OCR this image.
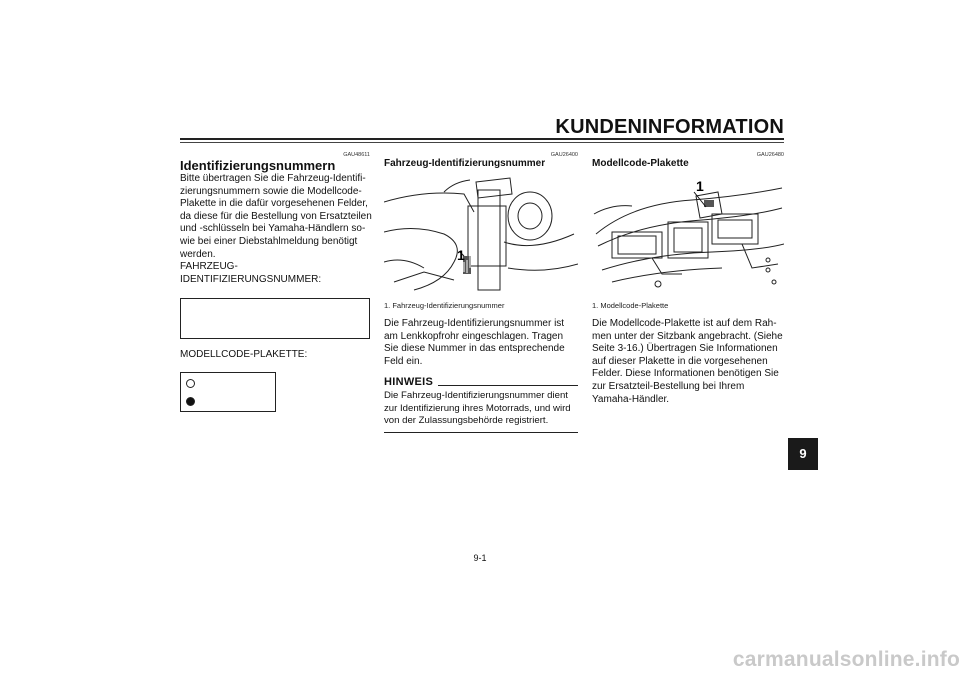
KUNDENINFORMATION
GAU48611
Identifizierungsnummern
Bitte übertragen Sie die Fahrzeug-Identifi-
zierungsnummern sowie die Modellcode-
Plakette in die dafür vorgesehenen Felder,
da diese für die Bestellung von Ersatzteilen
und -schlüsseln bei Yamaha-Händlern so-
wie bei einer Diebstahlmeldung benötigt
werden.
FAHRZEUG-
IDENTIFIZIERUNGSNUMMER:
MODELLCODE-PLAKETTE:
GAU26400
Fahrzeug-Identifizierungsnummer
1
1. Fahrzeug-Identifizierungsnummer
Die Fahrzeug-Identifizierungsnummer ist
am Lenkkopfrohr eingeschlagen. Tragen
Sie diese Nummer in das entsprechende
Feld ein.
HINWEIS
Die Fahrzeug-Identifizierungsnummer dient
zur Identifizierung ihres Motorrads, und wird
von der Zulassungsbehörde registriert.
GAU26480
Modellcode-Plakette
1
1. Modellcode-Plakette
Die Modellcode-Plakette ist auf dem Rah-
men unter der Sitzbank angebracht. (Siehe
Seite 3-16.) Übertragen Sie Informationen
auf dieser Plakette in die vorgesehenen
Felder. Diese Informationen benötigen Sie
zur Ersatzteil-Bestellung bei Ihrem
Yamaha-Händler.
9
9-1
carmanualsonline.info
